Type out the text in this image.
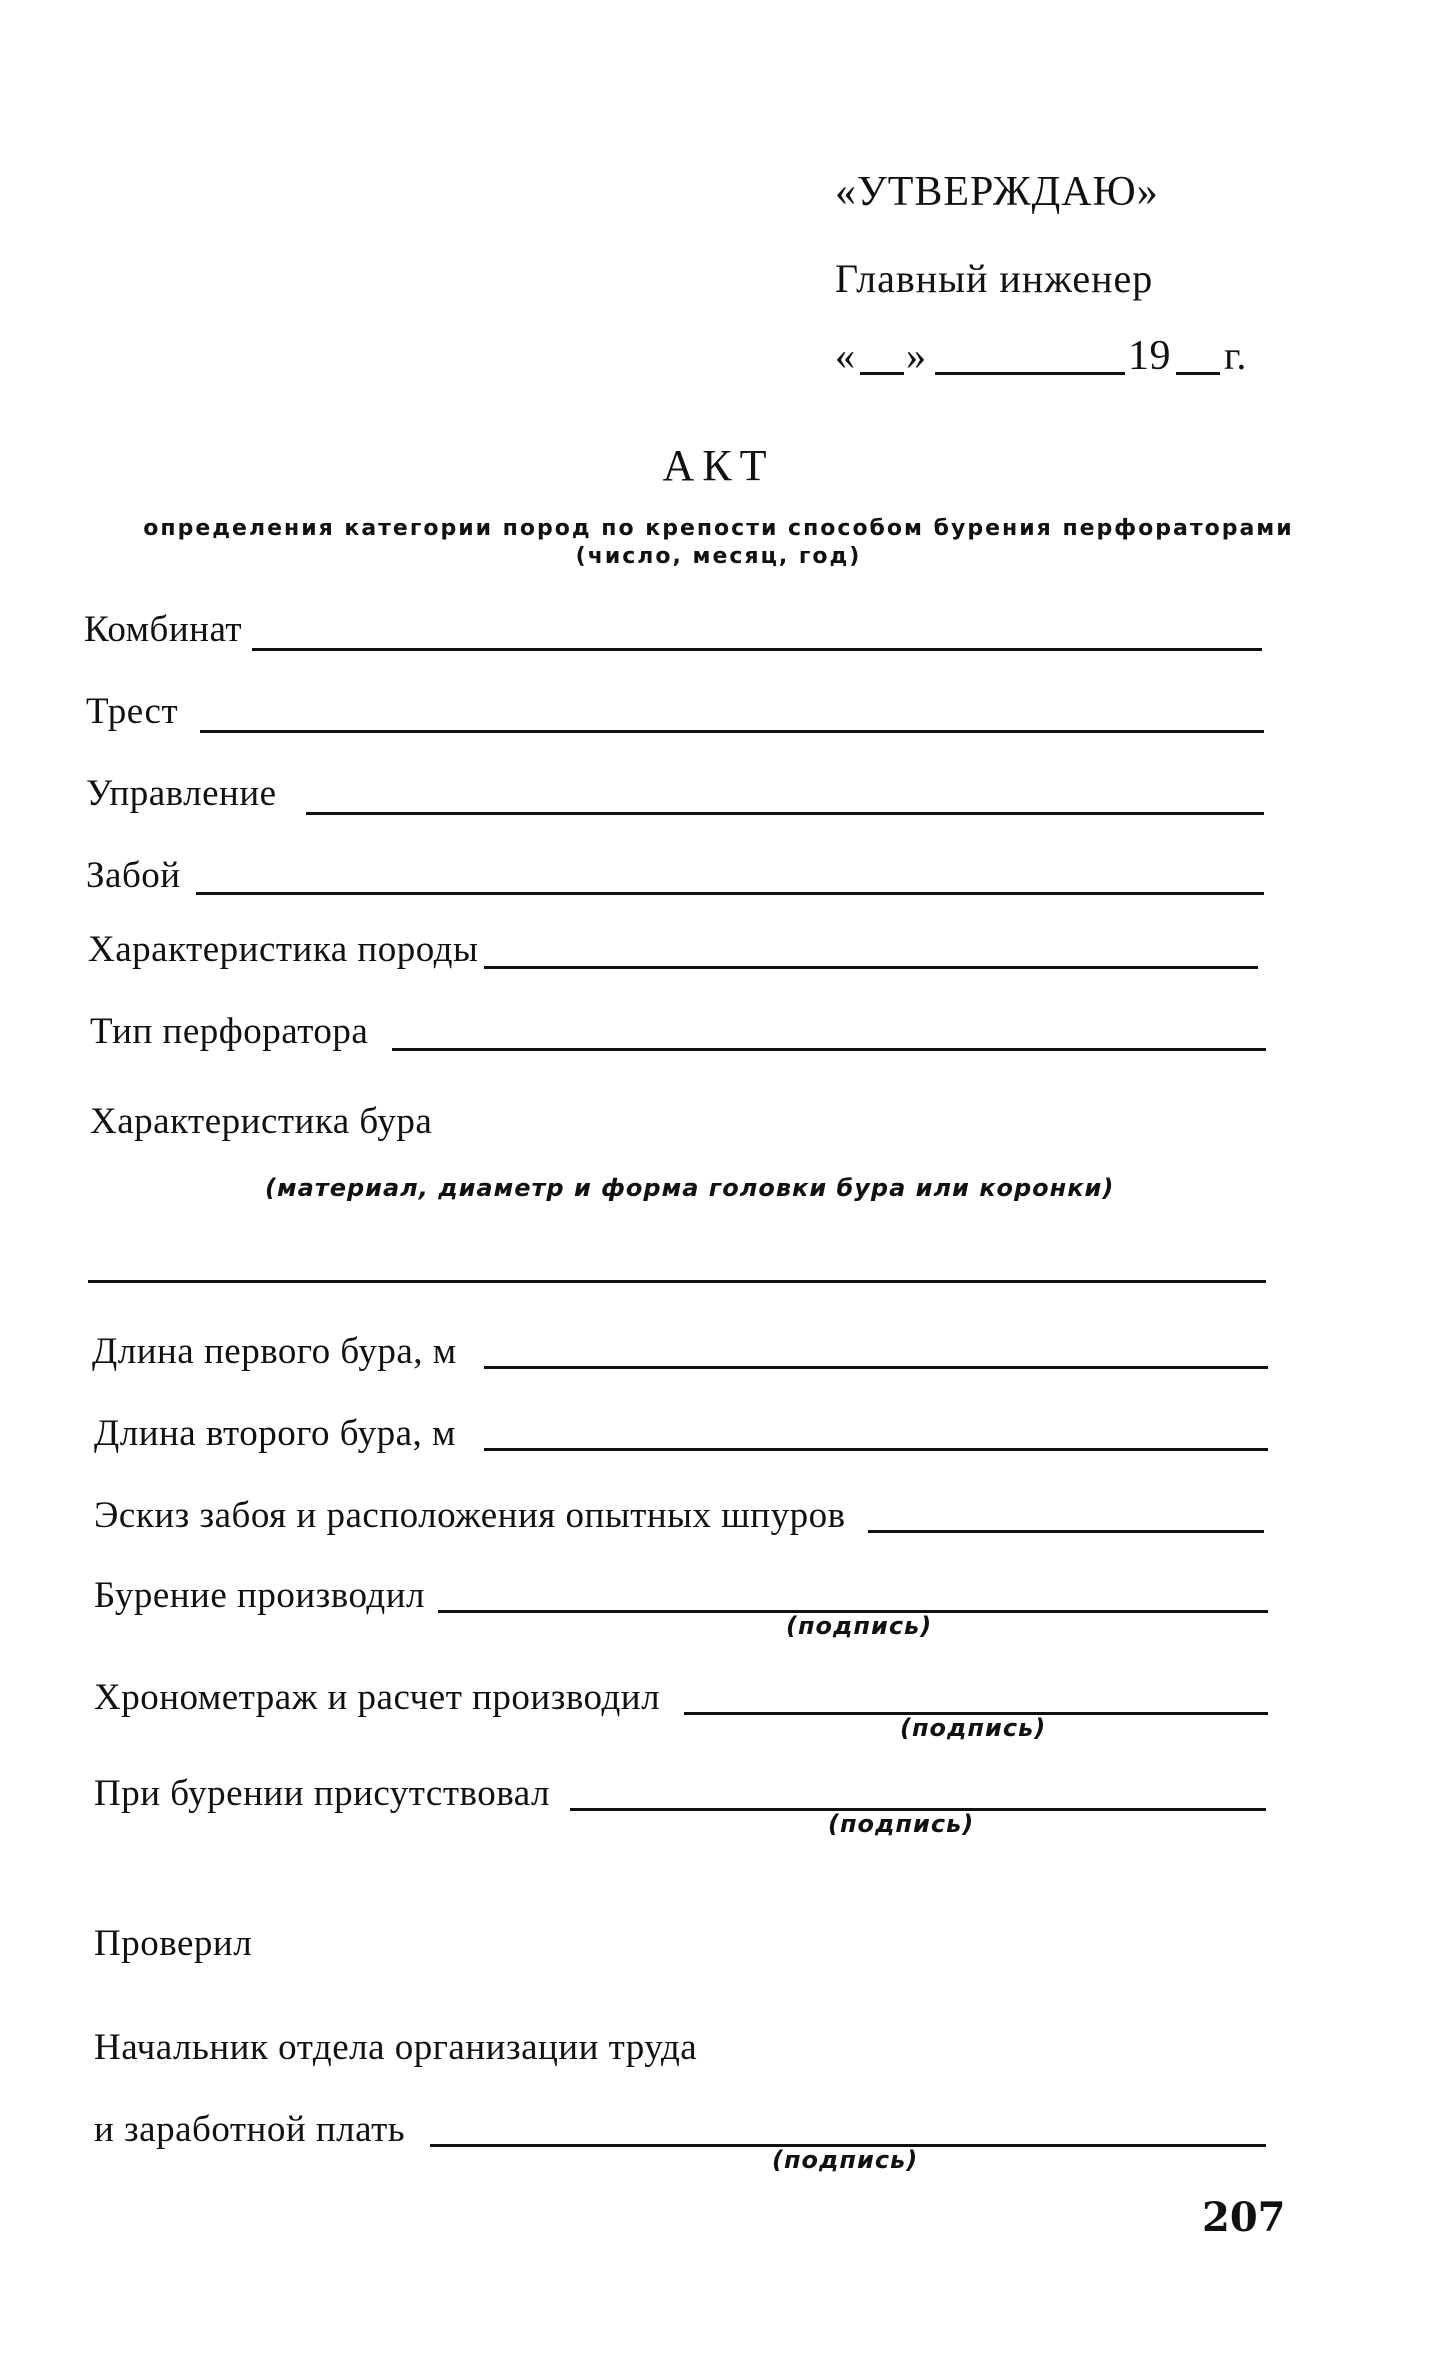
«УТВЕРЖДАЮ»
Главный инженер
« »	19 г.
АКТ
определения категории пород по крепости способом бурения перфораторами
(число, месяц, год)
Комбинат
Трест
Управление
Забой
Характеристика породы
Тип перфоратора
Характеристика бура
(материал, диаметр и форма головки бура или коронки)
Длина первого бура, м
Длина второго бура, м
Эскиз забоя и расположения опытных шпуров
Бурение производил
(подпись)
Хронометраж и расчет производил
(подпись)
При бурении присутствовал
(подпись)
Проверил
Начальник отдела организации труда
и заработной плать
(подпись)
207
